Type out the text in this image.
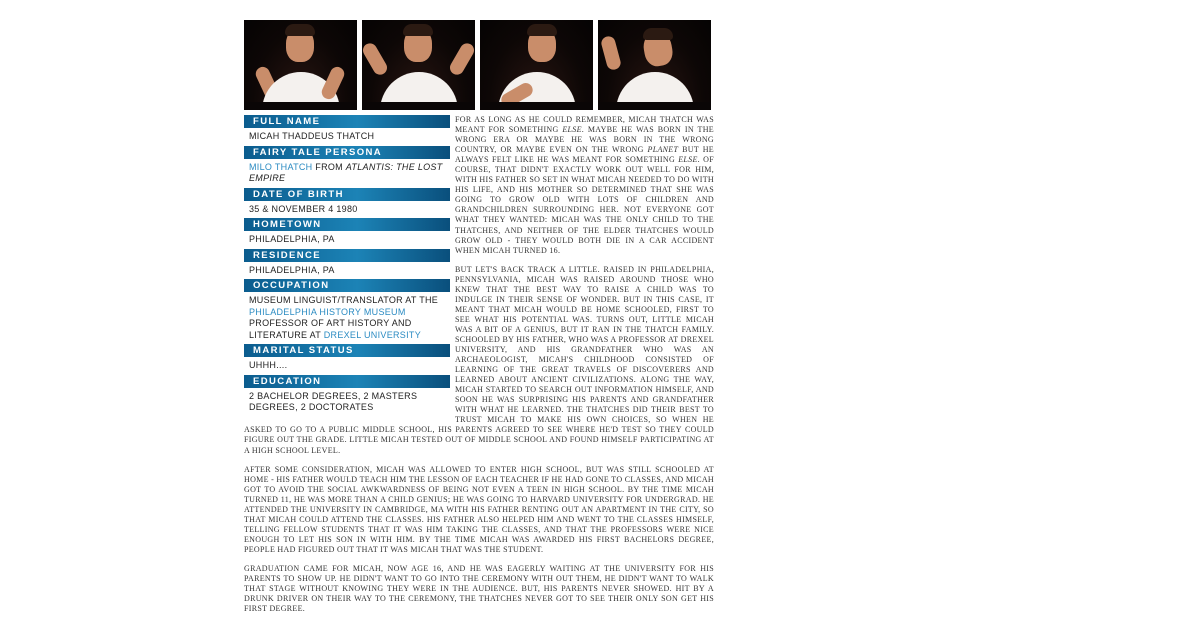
FULL NAME
MICAH THADDEUS THATCH
FAIRY TALE PERSONA
MILO THATCH FROM ATLANTIS: THE LOST EMPIRE
DATE OF BIRTH
35 & NOVEMBER 4 1980
HOMETOWN
PHILADELPHIA, PA
RESIDENCE
PHILADELPHIA, PA
OCCUPATION
MUSEUM LINGUIST/TRANSLATOR AT THE
PHILADELPHIA HISTORY MUSEUM
PROFESSOR OF ART HISTORY AND LITERATURE AT DREXEL UNIVERSITY
MARITAL STATUS
UHHH....
EDUCATION
2 BACHELOR DEGREES, 2 MASTERS DEGREES, 2 DOCTORATES

FOR AS LONG AS HE COULD REMEMBER, MICAH THATCH WAS MEANT FOR SOMETHING ELSE. MAYBE HE WAS BORN IN THE WRONG ERA OR MAYBE HE WAS BORN IN THE WRONG COUNTRY, OR MAYBE EVEN ON THE WRONG PLANET BUT HE ALWAYS FELT LIKE HE WAS MEANT FOR SOMETHING ELSE. OF COURSE, THAT DIDN'T EXACTLY WORK OUT WELL FOR HIM, WITH HIS FATHER SO SET IN WHAT MICAH NEEDED TO DO WITH HIS LIFE, AND HIS MOTHER SO DETERMINED THAT SHE WAS GOING TO GROW OLD WITH LOTS OF CHILDREN AND GRANDCHILDREN SURROUNDING HER. NOT EVERYONE GOT WHAT THEY WANTED: MICAH WAS THE ONLY CHILD TO THE THATCHES, AND NEITHER OF THE ELDER THATCHES WOULD GROW OLD - THEY WOULD BOTH DIE IN A CAR ACCIDENT WHEN MICAH TURNED 16.

BUT LET'S BACK TRACK A LITTLE. RAISED IN PHILADELPHIA, PENNSYLVANIA, MICAH WAS RAISED AROUND THOSE WHO KNEW THAT THE BEST WAY TO RAISE A CHILD WAS TO INDULGE IN THEIR SENSE OF WONDER. BUT IN THIS CASE, IT MEANT THAT MICAH WOULD BE HOME SCHOOLED, FIRST TO SEE WHAT HIS POTENTIAL WAS. TURNS OUT, LITTLE MICAH WAS A BIT OF A GENIUS, BUT IT RAN IN THE THATCH FAMILY. SCHOOLED BY HIS FATHER, WHO WAS A PROFESSOR AT DREXEL UNIVERSITY, AND HIS GRANDFATHER WHO WAS AN ARCHAEOLOGIST, MICAH'S CHILDHOOD CONSISTED OF LEARNING OF THE GREAT TRAVELS OF DISCOVERERS AND LEARNED ABOUT ANCIENT CIVILIZATIONS. ALONG THE WAY, MICAH STARTED TO SEARCH OUT INFORMATION HIMSELF, AND SOON HE WAS SURPRISING HIS PARENTS AND GRANDFATHER WITH WHAT HE LEARNED. THE THATCHES DID THEIR BEST TO TRUST MICAH TO MAKE HIS OWN CHOICES, SO WHEN HE ASKED TO GO TO A PUBLIC MIDDLE SCHOOL, HIS PARENTS AGREED TO SEE WHERE HE'D TEST SO THEY COULD FIGURE OUT THE GRADE. LITTLE MICAH TESTED OUT OF MIDDLE SCHOOL AND FOUND HIMSELF PARTICIPATING AT A HIGH SCHOOL LEVEL.

AFTER SOME CONSIDERATION, MICAH WAS ALLOWED TO ENTER HIGH SCHOOL, BUT WAS STILL SCHOOLED AT HOME - HIS FATHER WOULD TEACH HIM THE LESSON OF EACH TEACHER IF HE HAD GONE TO CLASSES, AND MICAH GOT TO AVOID THE SOCIAL AWKWARDNESS OF BEING NOT EVEN A TEEN IN HIGH SCHOOL. BY THE TIME MICAH TURNED 11, HE WAS MORE THAN A CHILD GENIUS; HE WAS GOING TO HARVARD UNIVERSITY FOR UNDERGRAD. HE ATTENDED THE UNIVERSITY IN CAMBRIDGE, MA WITH HIS FATHER RENTING OUT AN APARTMENT IN THE CITY, SO THAT MICAH COULD ATTEND THE CLASSES. HIS FATHER ALSO HELPED HIM AND WENT TO THE CLASSES HIMSELF, TELLING FELLOW STUDENTS THAT IT WAS HIM TAKING THE CLASSES, AND THAT THE PROFESSORS WERE NICE ENOUGH TO LET HIS SON IN WITH HIM. BY THE TIME MICAH WAS AWARDED HIS FIRST BACHELORS DEGREE, PEOPLE HAD FIGURED OUT THAT IT WAS MICAH THAT WAS THE STUDENT.

GRADUATION CAME FOR MICAH, NOW AGE 16, AND HE WAS EAGERLY WAITING AT THE UNIVERSITY FOR HIS PARENTS TO SHOW UP. HE DIDN'T WANT TO GO INTO THE CEREMONY WITH OUT THEM, HE DIDN'T WANT TO WALK THAT STAGE WITHOUT KNOWING THEY WERE IN THE AUDIENCE. BUT, HIS PARENTS NEVER SHOWED. HIT BY A DRUNK DRIVER ON THEIR WAY TO THE CEREMONY, THE THATCHES NEVER GOT TO SEE THEIR ONLY SON GET HIS FIRST DEGREE.
